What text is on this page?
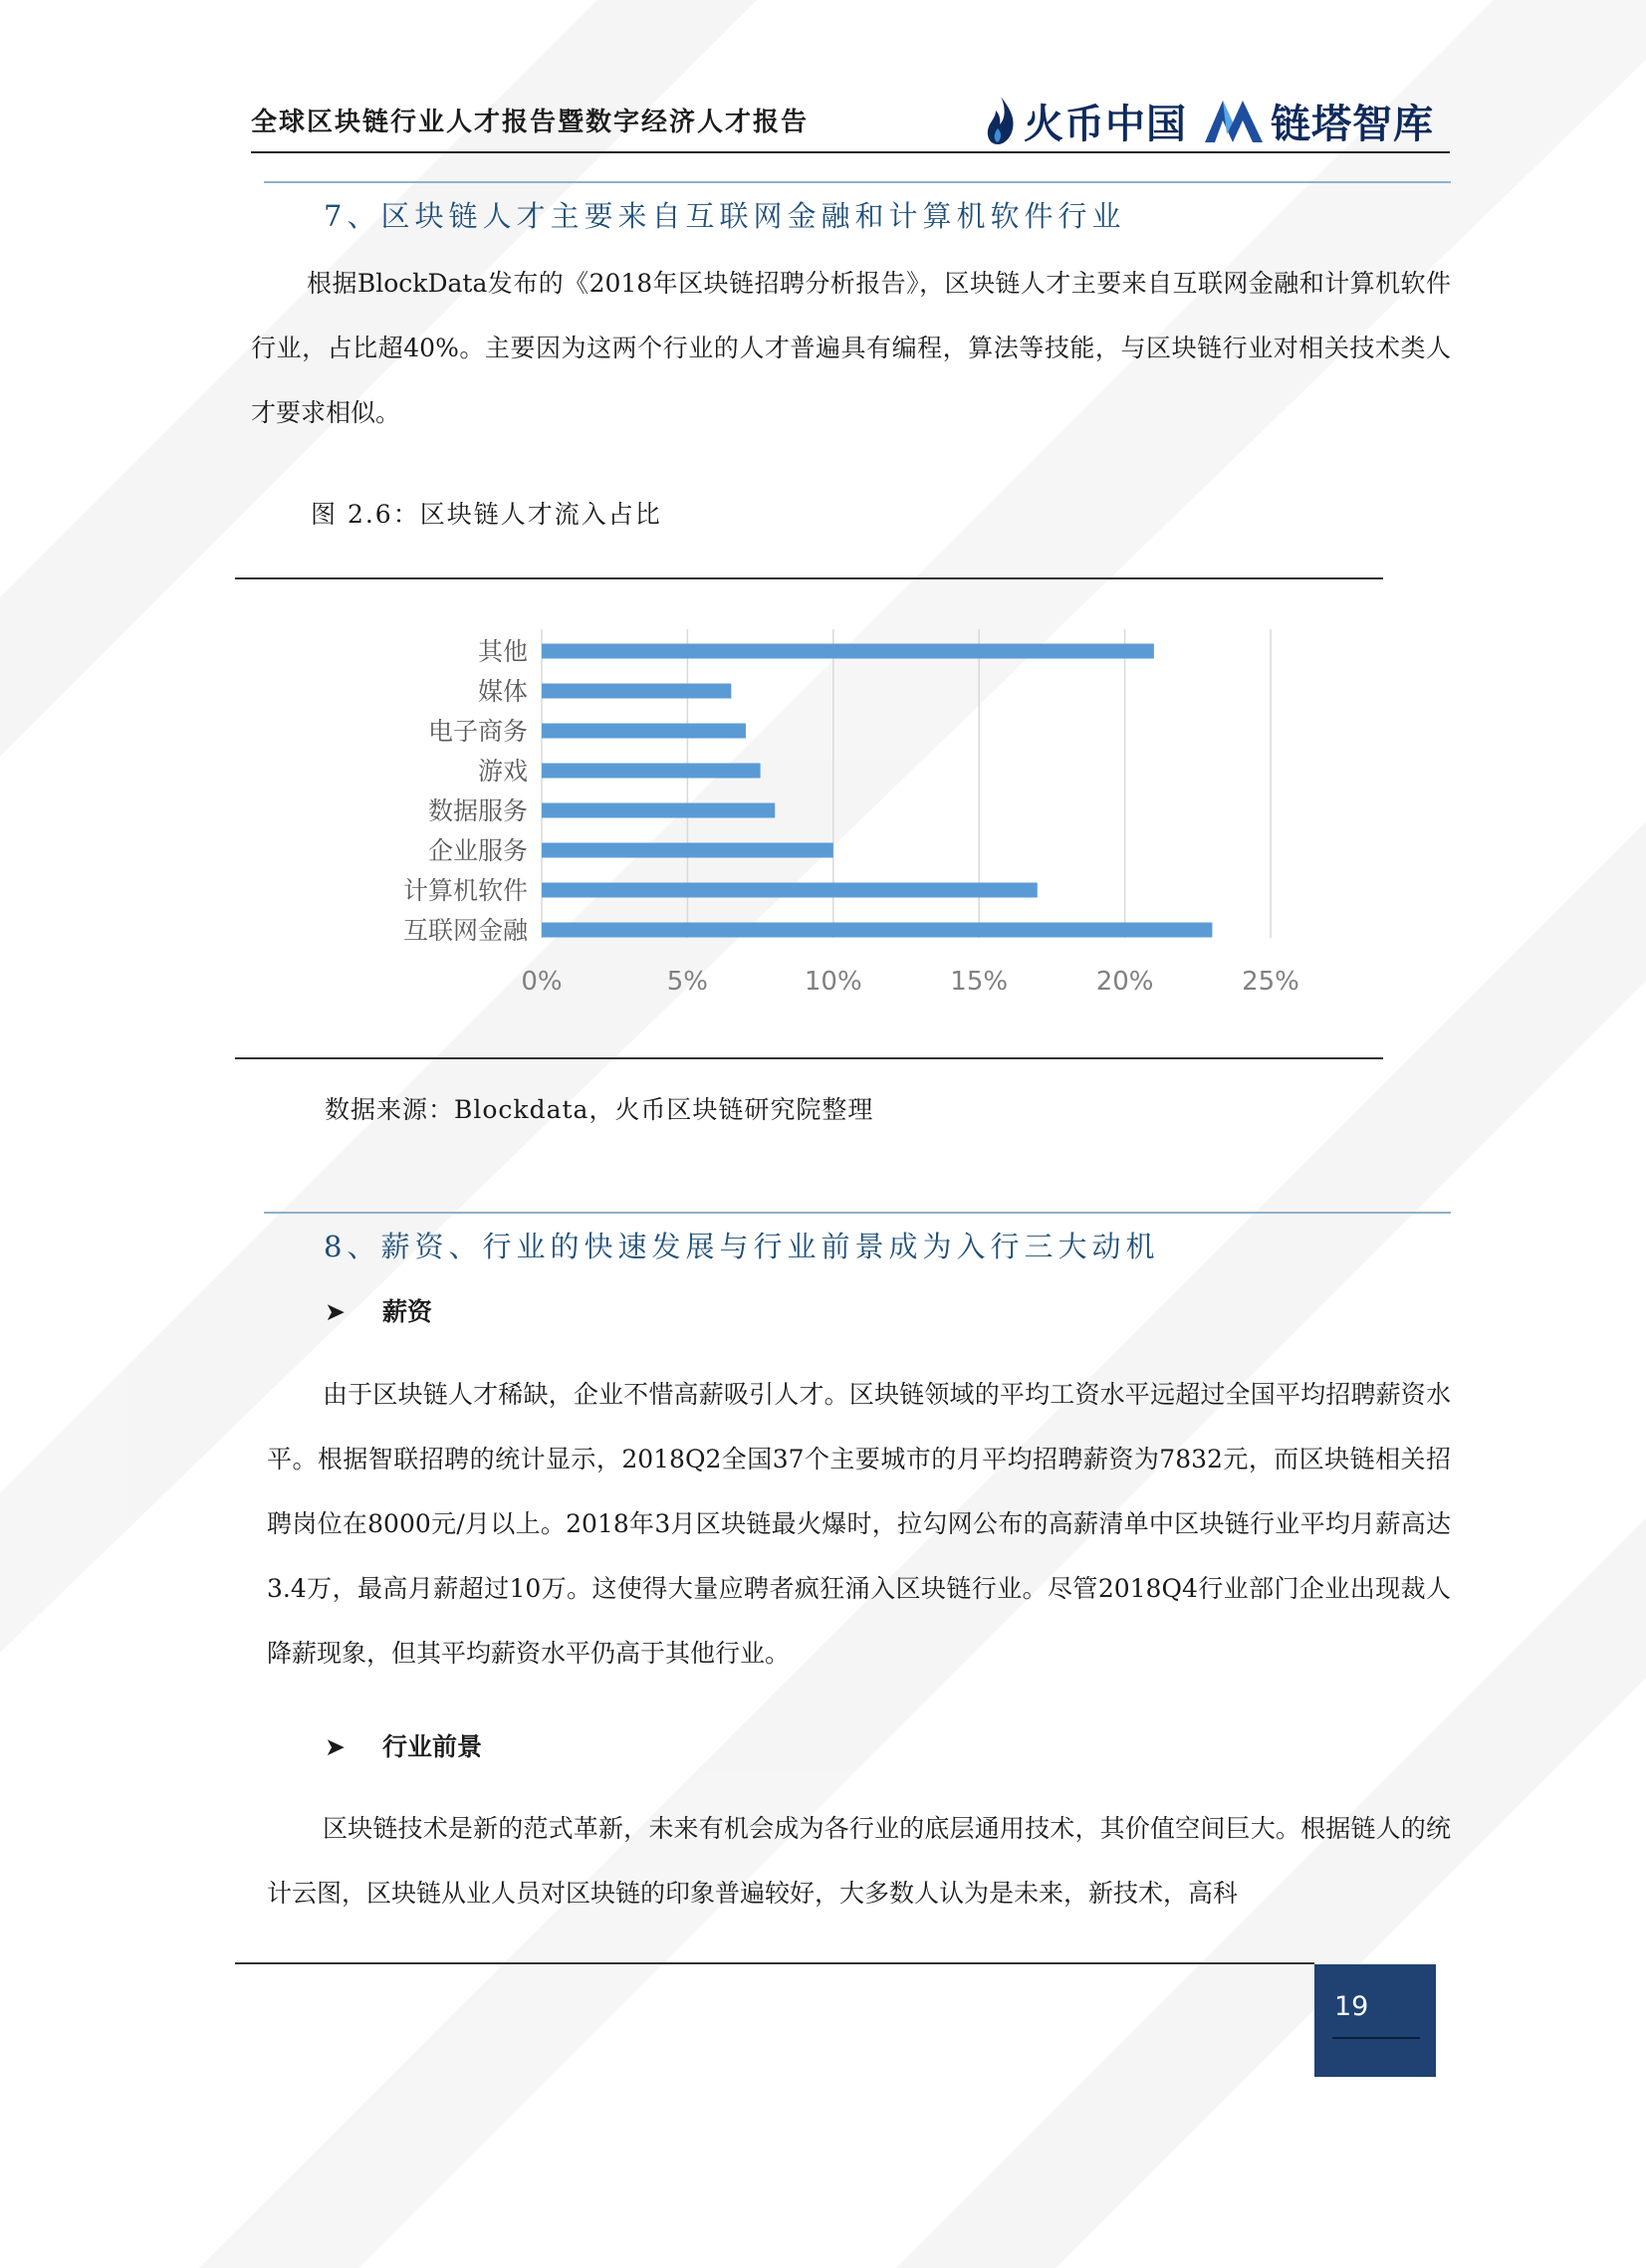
全球区块链行业人才报告暨数字经济人才报告	火币中国 链塔智库
7、区块链人才主要来自互联网金融和计算机软件行业

根据BlockData发布的《2018年区块链招聘分析报告》，区块链人才主要来自互联网金融和计算机软件行业，占比超40%。主要因为这两个行业的人才普遍具有编程，算法等技能，与区块链行业对相关技术类人才要求相似。

图 2.6：区块链人才流入占比
0%	5%	10%	15%	20%	25%
其他
媒体
电子商务
游戏
数据服务
企业服务
计算机软件
互联网金融
数据来源：Blockdata，火币区块链研究院整理
8、薪资、行业的快速发展与行业前景成为入行三大动机
➤ 薪资

由于区块链人才稀缺，企业不惜高薪吸引人才。区块链领域的平均工资水平远超过全国平均招聘薪资水平。根据智联招聘的统计显示，2018Q2全国37个主要城市的月平均招聘薪资为7832元，而区块链相关招聘岗位在8000元/月以上。2018年3月区块链最火爆时，拉勾网公布的高薪清单中区块链行业平均月薪高达3.4万，最高月薪超过10万。这使得大量应聘者疯狂涌入区块链行业。尽管2018Q4行业部门企业出现裁人降薪现象，但其平均薪资水平仍高于其他行业。

➤ 行业前景

区块链技术是新的范式革新，未来有机会成为各行业的底层通用技术，其价值空间巨大。根据链人的统计云图，区块链从业人员对区块链的印象普遍较好，大多数人认为是未来，新技术，高科

19
